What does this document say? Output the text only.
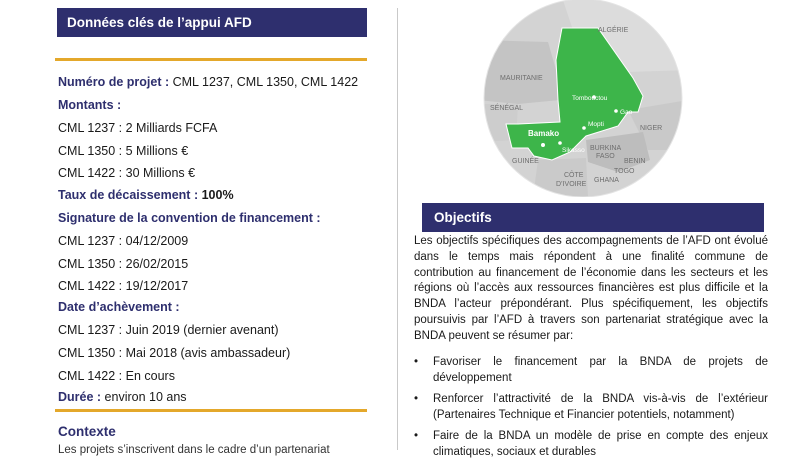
Données clés de l’appui AFD
Numéro de projet : CML 1237, CML 1350, CML 1422
Montants :
CML 1237 : 2 Milliards FCFA
CML 1350 : 5 Millions €
CML 1422 : 30 Millions €
Taux de décaissement : 100%
Signature de la convention de financement :
CML 1237 : 04/12/2009
CML 1350 : 26/02/2015
CML 1422 : 19/12/2017
Date d’achèvement :
CML 1237 : Juin 2019 (dernier avenant)
CML 1350 : Mai 2018 (avis ambassadeur)
CML 1422 : En cours
Durée : environ 10 ans
Contexte
Les projets s’inscrivent dans le cadre d’un partenariat
ALGÉRIE
MAURITANIE
SÉNÉGAL
NIGER
GUINÉE
BURKINA
FASO
BENIN
TOGO
CÔTE
D’IVOIRE
GHANA
Tombouctou
Gao
Mopti
Bamako
Sikasso
Objectifs
Les objectifs spécifiques des accompagnements de l’AFD ont évolué dans le temps mais répondent à une finalité commune de contribution au financement de l’économie dans les secteurs et les régions où l’accès aux ressources financières est plus difficile et la BNDA l’acteur prépondérant. Plus spécifiquement, les objectifs poursuivis par l’AFD à travers son partenariat stratégique avec la BNDA peuvent se résumer par:
• Favoriser le financement par la BNDA de projets de développement
• Renforcer l’attractivité de la BNDA vis-à-vis de l’extérieur (Partenaires Technique et Financier potentiels, notamment)
• Faire de la BNDA un modèle de prise en compte des enjeux climatiques, sociaux et durables
